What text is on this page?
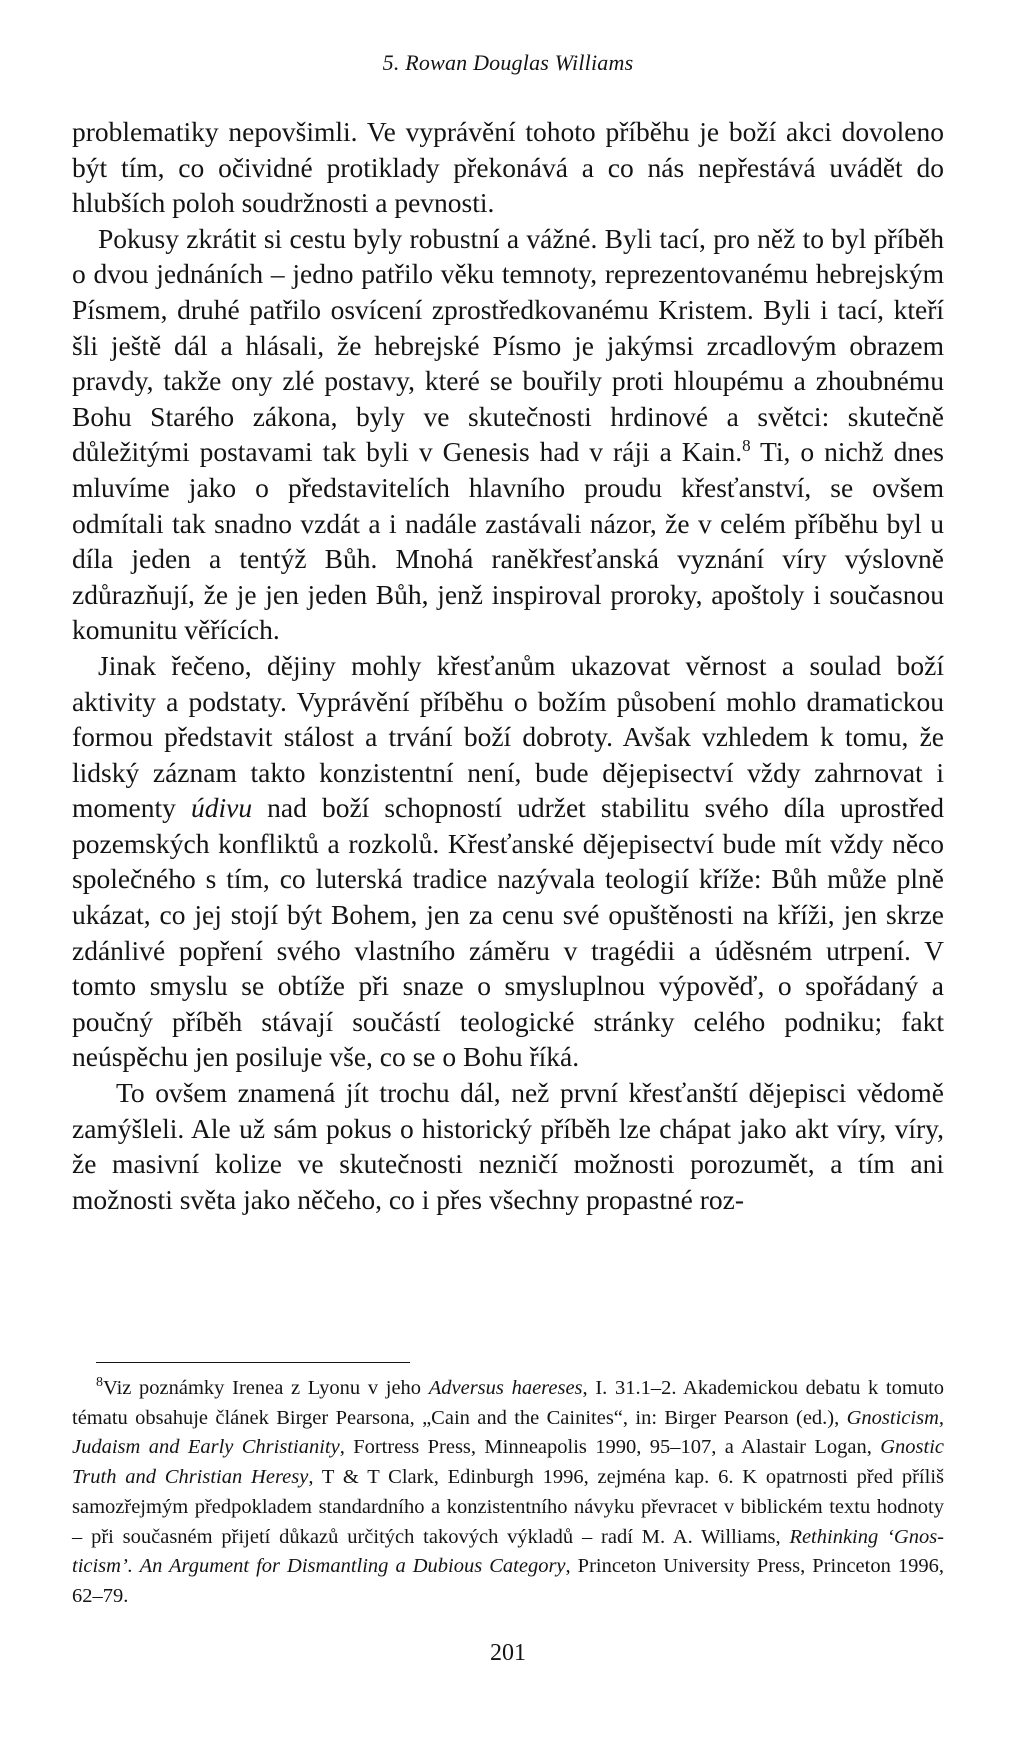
5. Rowan Douglas Williams

problematiky nepovšimli. Ve vyprávění tohoto příběhu je boží akci dovoleno být tím, co očividné protiklady překonává a co nás nepřestává uvádět do hlubších poloh soudržnosti a pevnosti.

Pokusy zkrátit si cestu byly robustní a vážné. Byli tací, pro něž to byl příběh o dvou jednáních – jedno patřilo věku temnoty, reprezentovanému hebrejským Písmem, druhé patřilo osvícení zprostředkovanému Kristem. Byli i tací, kteří šli ještě dál a hlásali, že hebrejské Písmo je jakýmsi zrcadlovým obrazem pravdy, takže ony zlé postavy, které se bouřily proti hloupému a zhoubnému Bohu Starého zákona, byly ve skutečnosti hrdinové a světci: skutečně důležitými postavami tak byli v Genesis had v ráji a Kain.$^8$ Ti, o nichž dnes mluvíme jako o představitelích hlavního proudu křesťanství, se ovšem odmítali tak snadno vzdát a i nadále zastávali názor, že v celém příběhu byl u díla jeden a tentýž Bůh. Mnohá raněkřesťanská vyznání víry výslovně zdůrazňují, že je jen jeden Bůh, jenž inspiroval proroky, apoštoly i současnou komunitu věřících.

Jinak řečeno, dějiny mohly křesťanům ukazovat věrnost a soulad boží aktivity a podstaty. Vyprávění příběhu o božím působení mohlo dramatickou formou představit stálost a trvání boží dobroty. Avšak vzhledem k tomu, že lidský záznam takto konzistentní není, bude dějepisectví vždy zahrnovat i momenty údivu nad boží schopností udržet stabilitu svého díla uprostřed pozemských konfliktů a rozkolů. Křesťanské dějepisectví bude mít vždy něco společného s tím, co luterská tradice nazývala teologií kříže: Bůh může plně ukázat, co jej stojí být Bohem, jen za cenu své opuštěnosti na kříži, jen skrze zdánlivé popření svého vlastního záměru v tragédii a úděsném utrpení. V tomto smyslu se obtíže při snaze o smysluplnou výpověď, o spořádaný a poučný příběh stávají součástí teologické stránky celého podniku; fakt neúspěchu jen posiluje vše, co se o Bohu říká.

To ovšem znamená jít trochu dál, než první křesťanští dějepisci vědomě zamýšleli. Ale už sám pokus o historický příběh lze chápat jako akt víry, víry, že masivní kolize ve skutečnosti nezničí možnosti porozumět, a tím ani možnosti světa jako něčeho, co i přes všechny propastné roz-

$^8$Viz poznámky Irenea z Lyonu v jeho Adversus haereses, I. 31.1–2. Akademickou debatu k tomuto tématu obsahuje článek Birger Pearsona, „Cain and the Cainites“, in: Birger Pearson (ed.), Gnosticism, Judaism and Early Christianity, Fortress Press, Minneapolis 1990, 95–107, a Alastair Logan, Gnostic Truth and Christian Heresy, T & T Clark, Edinburgh 1996, zejména kap. 6. K opatrnosti před příliš samozřejmým předpokladem standardního a konzistentního návyku převracet v biblickém textu hodnoty – při současném přijetí důkazů určitých takových výkladů – radí M. A. Williams, Rethinking ‘Gnosticism’. An Argument for Dismantling a Dubious Category, Princeton University Press, Princeton 1996, 62–79.

201
